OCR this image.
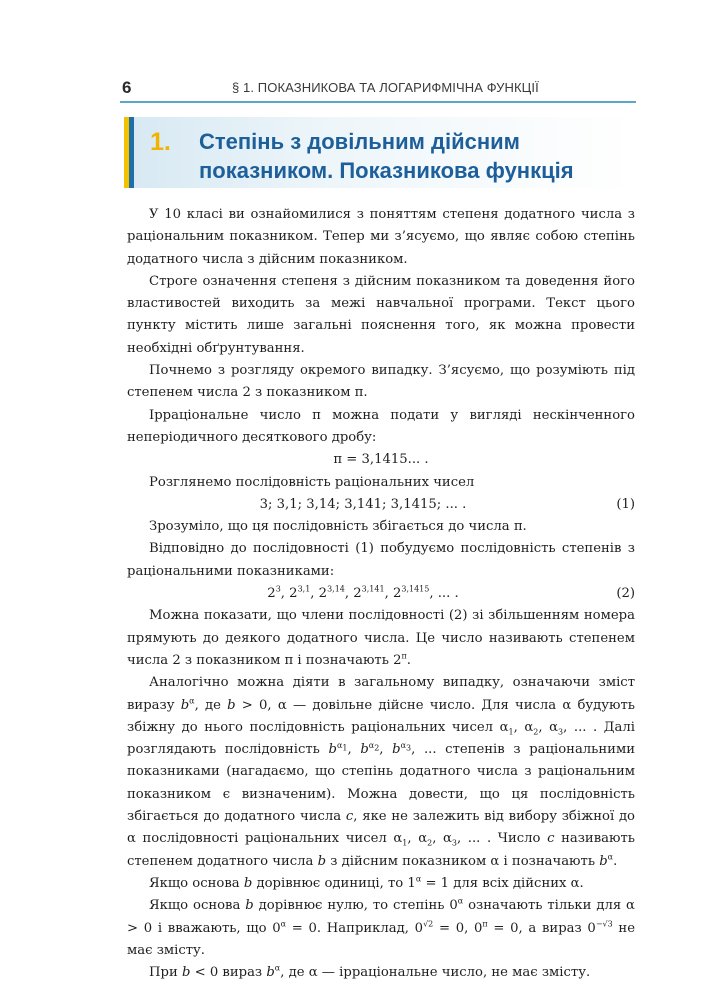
6	§ 1. ПОКАЗНИКОВА ТА ЛОГАРИФМІЧНА ФУНКЦІЇ
1. Степінь з довільним дійсним
показником. Показникова функція

У 10 класі ви ознайомилися з поняттям степеня додатного числа з раціональним показником. Тепер ми з’ясуємо, що являє собою степінь додатного числа з дійсним показником.

Строге означення степеня з дійсним показником та доведення його властивостей виходить за межі навчальної програми. Текст цього пункту містить лише загальні пояснення того, як можна провести необхідні обґрунтування.

Почнемо з розгляду окремого випадку. З’ясуємо, що розуміють під степенем числа 2 з показником π.

Ірраціональне число π можна подати у вигляді нескінченного неперіодичного десяткового дробу:

π = 3,1415... .

Розглянемо послідовність раціональних чисел

3; 3,1; 3,14; 3,141; 3,1415; ... .	(1)

Зрозуміло, що ця послідовність збігається до числа π.

Відповідно до послідовності (1) побудуємо послідовність степенів з раціональними показниками:

$2^3$, 2$^{3,1}$, 2$^{3,14}$, 2$^{3,141}$, $2^{3,1415}$, ... .	(2)

Можна показати, що члени послідовності (2) зі збільшенням номера прямують до деякого додатного числа. Це число називають степенем числа 2 з показником π і позначають $2^\pi$.

Аналогічно можна діяти в загальному випадку, означаючи зміст виразу $b^\alpha$, де b > 0, α — довільне дійсне число. Для числа α будують збіжну до нього послідовність раціональних чисел $\alpha_1$, $\alpha_2$, $\alpha_3$, ... . Далі розглядають послідовність $b^{\alpha_1}$, $b^{\alpha_2}$, $b^{\alpha_3}$, ... степенів з раціональними показниками (нагадаємо, що степінь додатного числа з раціональним показником є визначеним). Можна довести, що ця послідовність збігається до додатного числа c, яке не залежить від вибору збіжної до α послідовності раціональних чисел $\alpha_1$, $\alpha_2$, $\alpha_3$, ... . Число c називають степенем додатного числа b з дійсним показником α і позначають $b^\alpha$.

Якщо основа b дорівнює одиниці, то $1^\alpha = 1$ для всіх дійсних α.

Якщо основа b дорівнює нулю, то степінь $0^\alpha$ означають тільки для α > 0 і вважають, що $0^\alpha = 0$. Наприклад, $0^{√2} = 0$, $0^\pi = 0$, а вираз $0^{-√3}$ не має змісту.

При b < 0 вираз $b^\alpha$, де α — ірраціональне число, не має змісту.
